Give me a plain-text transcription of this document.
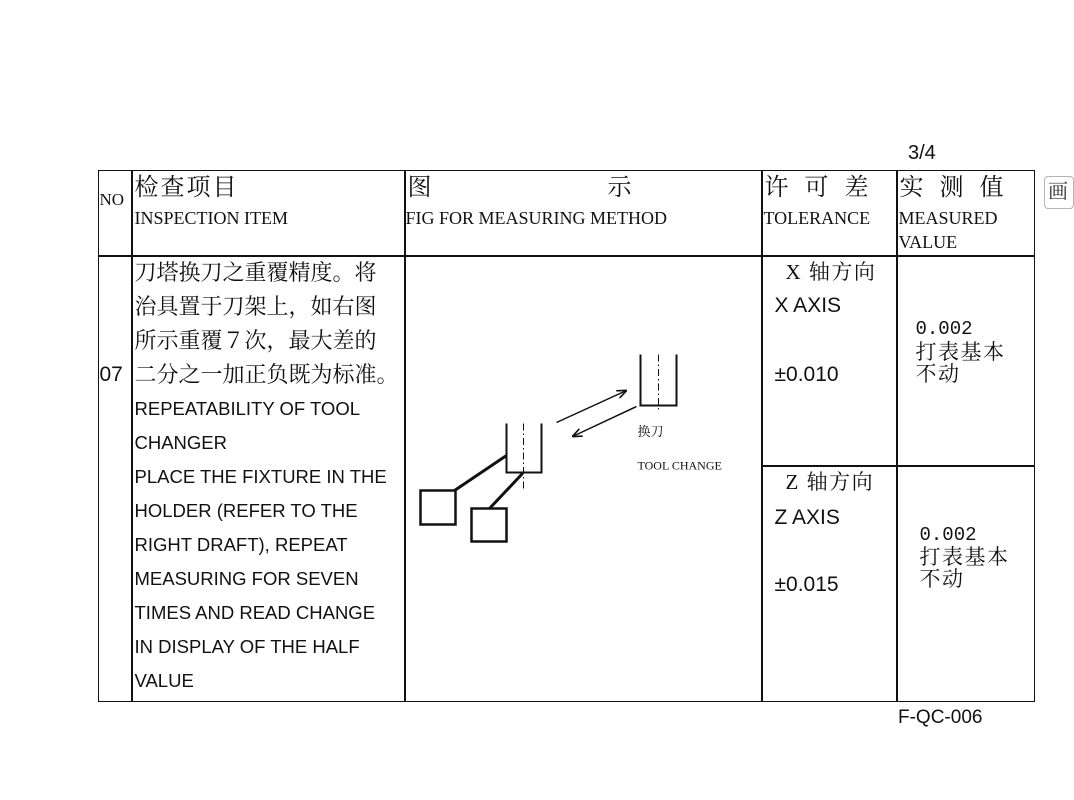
3/4
NO 检查项目
INSPECTION ITEM
图	示
FIG FOR MEASURING METHOD
许 可 差
TOLERANCE
实 测 值
MEASURED
VALUE
07
刀塔换刀之重覆精度。将
治具置于刀架上，如右图
所示重覆７次，最大差的
二分之一加正负既为标准。
REPEATABILITY OF TOOL
CHANGER
PLACE THE FIXTURE IN THE
HOLDER (REFER TO THE
RIGHT DRAFT), REPEAT
MEASURING FOR SEVEN
TIMES AND READ CHANGE
IN DISPLAY OF THE HALF
VALUE
换刀
TOOL CHANGE
X 轴方向
X AXIS
±0.010
Z 轴方向
Z AXIS
±0.015
0.002
打表基本
不动
0.002
打表基本
不动
F-QC-006
画
